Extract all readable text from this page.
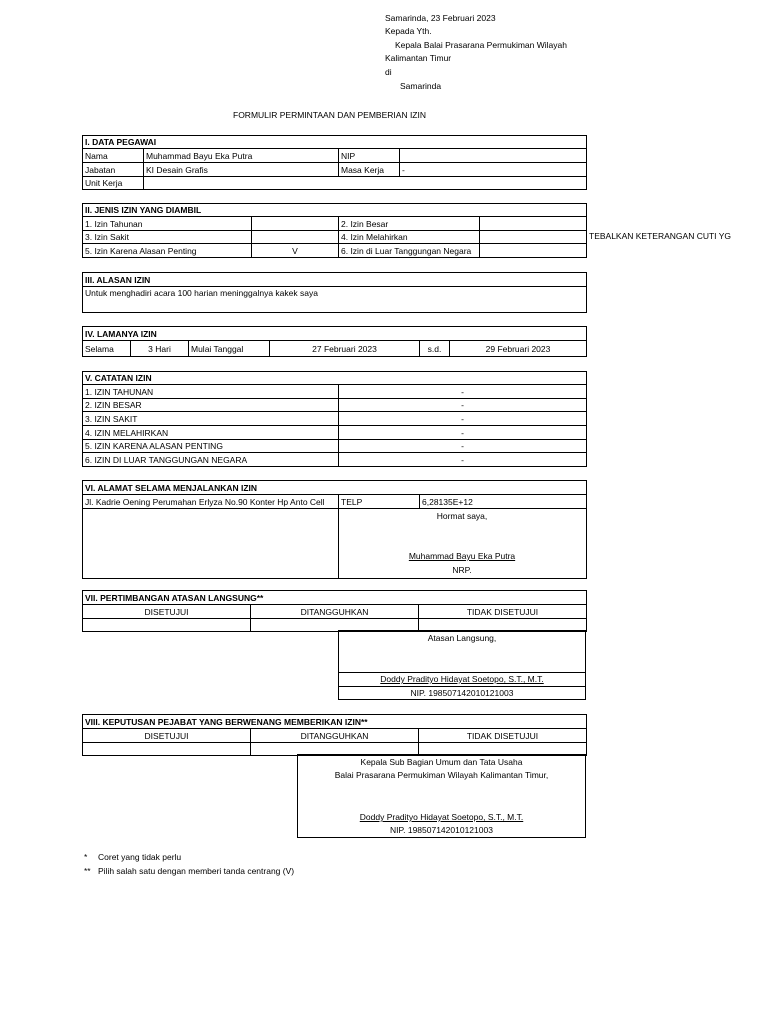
Samarinda, 23 Februari 2023
Kepada Yth.
Kepala Balai Prasarana Permukiman Wilayah
Kalimantan Timur
di
Samarinda
FORMULIR PERMINTAAN DAN PEMBERIAN IZIN
I. DATA PEGAWAI			
Nama	Muhammad Bayu Eka Putra	NIP	
Jabatan	KI Desain Grafis	Masa Kerja	-
Unit Kerja			
II. JENIS IZIN YANG DIAMBIL			
1. Izin Tahunan		2. Izin Besar	
3. Izin Sakit		4. Izin Melahirkan	
5. Izin Karena Alasan Penting	V	6. Izin di Luar Tanggungan Negara	
TEBALKAN KETERANGAN CUTI YG
III. ALASAN IZIN
Untuk menghadiri acara 100 harian meninggalnya kakek saya
IV. LAMANYA IZIN
Selama	3 Hari	Mulai Tanggal	27 Februari 2023	s.d.	29 Februari 2023
V. CATATAN IZIN	
1. IZIN TAHUNAN	-
2. IZIN BESAR	-
3. IZIN SAKIT	-
4. IZIN MELAHIRKAN	-
5. IZIN KARENA ALASAN PENTING	-
6. IZIN DI LUAR TANGGUNGAN NEGARA	-
VI. ALAMAT SELAMA MENJALANKAN IZIN		
Jl. Kadrie Oening Perumahan Erlyza No.90 Konter Hp Anto Cell	TELP	6,28135E+12

Hormat saya,
Muhammad Bayu Eka Putra
NRP.
VII. PERTIMBANGAN ATASAN LANGSUNG**		
DISETUJUI	DITANGGUHKAN	TIDAK DISETUJUI

Atasan Langsung,
Doddy Pradityo Hidayat Soetopo, S.T., M.T.
NIP. 198507142010121003
VIII. KEPUTUSAN PEJABAT YANG BERWENANG MEMBERIKAN IZIN**		
DISETUJUI	DITANGGUHKAN	TIDAK DISETUJUI

Kepala Sub Bagian Umum dan Tata Usaha
Balai Prasarana Permukiman Wilayah Kalimantan Timur,
Doddy Pradityo Hidayat Soetopo, S.T., M.T.
NIP. 198507142010121003
* Coret yang tidak perlu
** Pilih salah satu dengan memberi tanda centrang (V)
